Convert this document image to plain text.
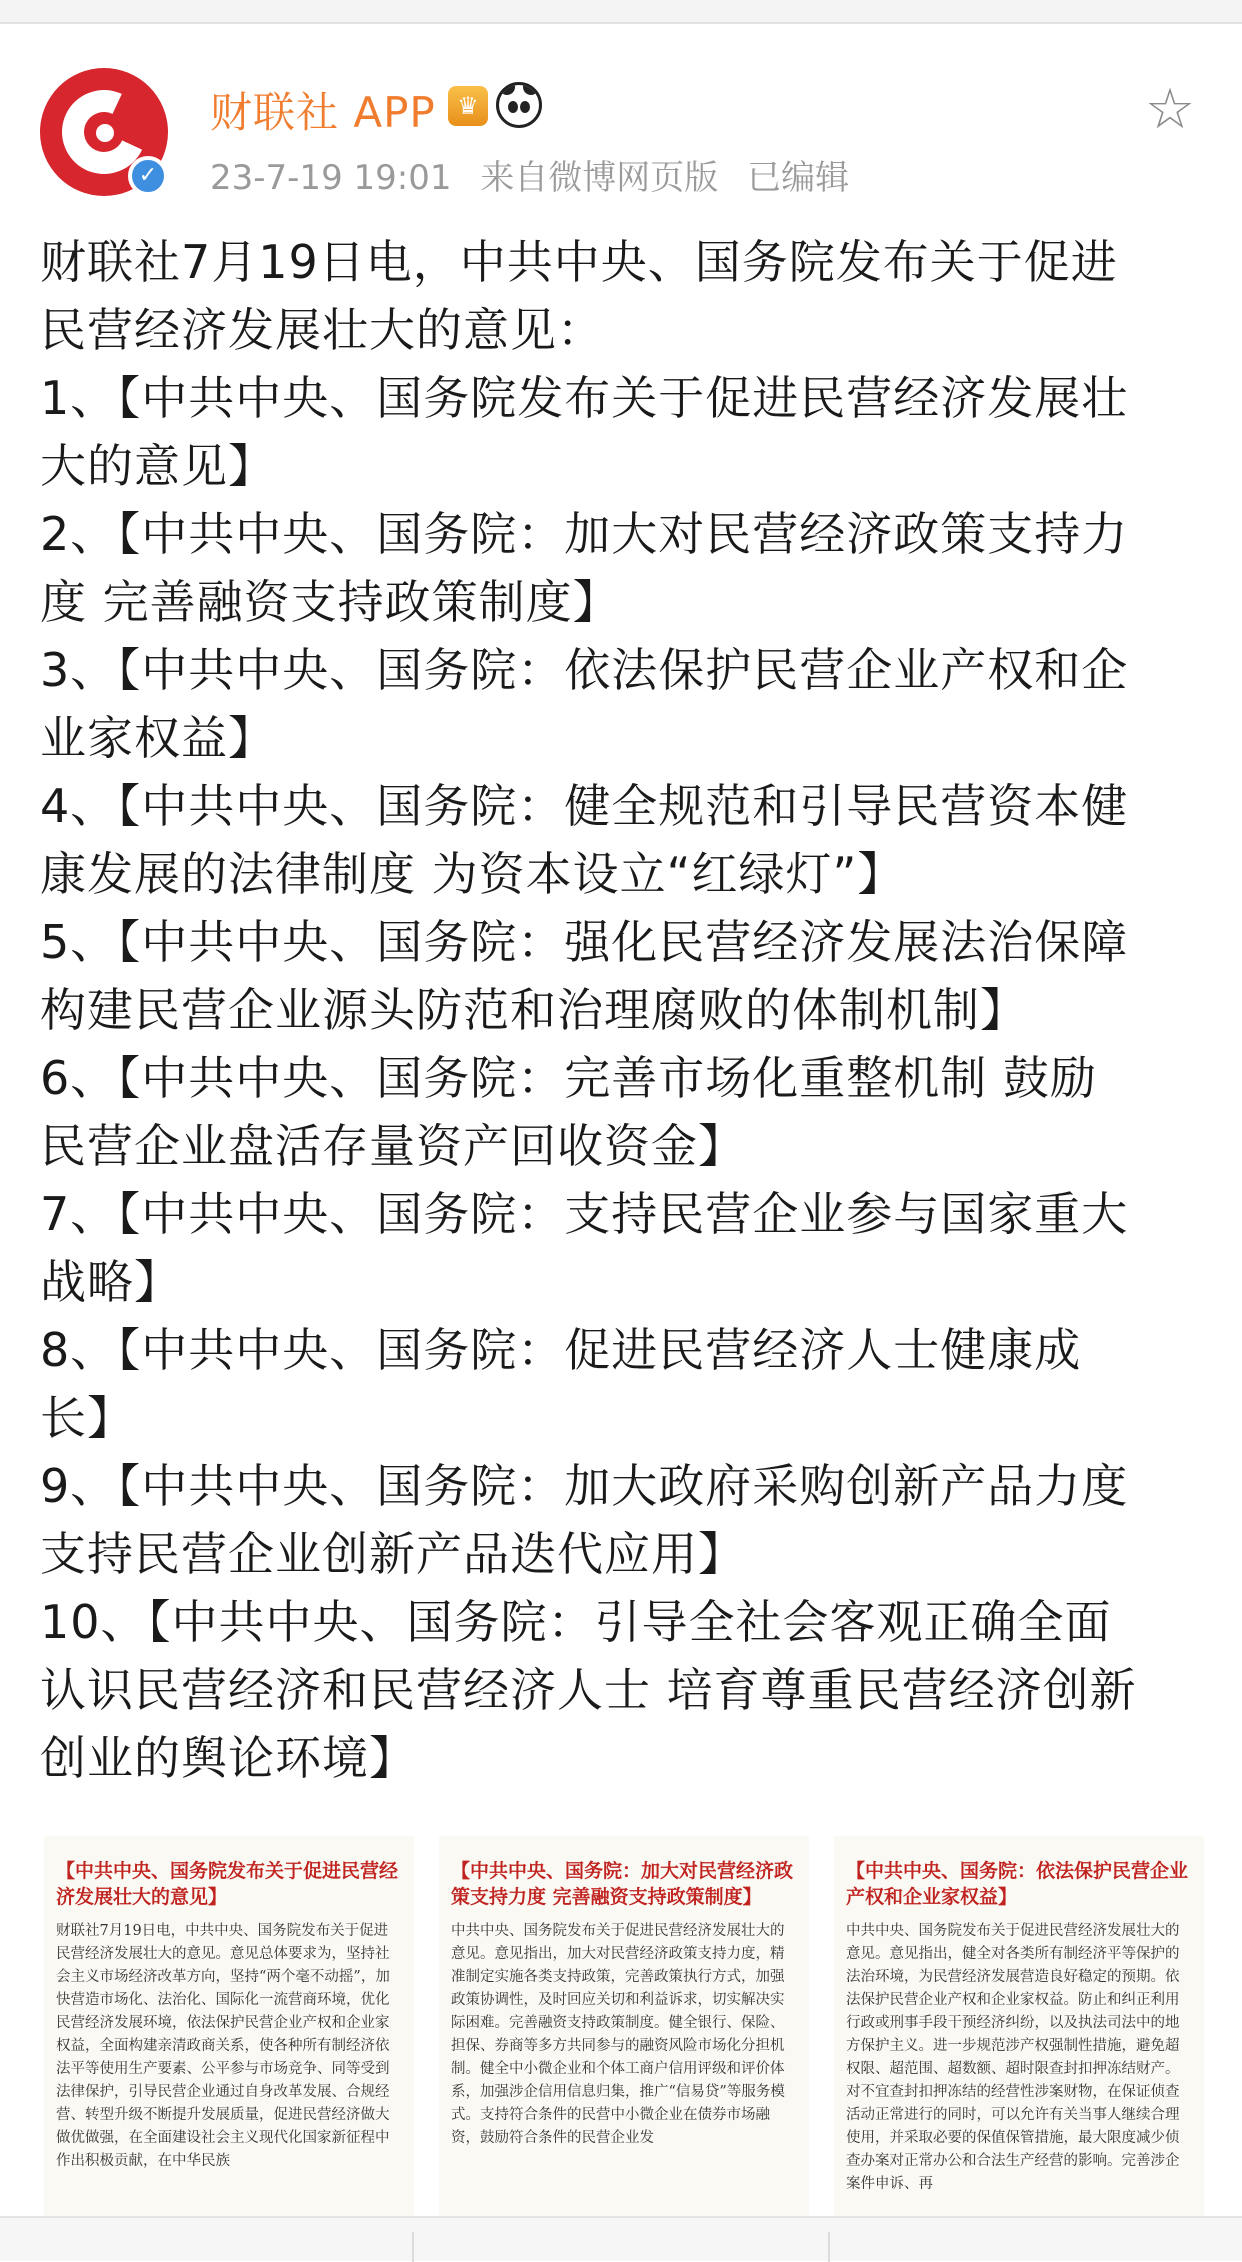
✓
财联社 APP ♛
23-7-19 19:01 来自微博网页版 已编辑
☆

财联社7月19日电，中共中央、国务院发布关于促进

民营经济发展壮大的意见：

1、【中共中央、国务院发布关于促进民营经济发展壮

大的意见】

2、【中共中央、国务院：加大对民营经济政策支持力

度 完善融资支持政策制度】

3、【中共中央、国务院：依法保护民营企业产权和企

业家权益】

4、【中共中央、国务院：健全规范和引导民营资本健

康发展的法律制度 为资本设立“红绿灯”】

5、【中共中央、国务院：强化民营经济发展法治保障

构建民营企业源头防范和治理腐败的体制机制】

6、【中共中央、国务院：完善市场化重整机制 鼓励

民营企业盘活存量资产回收资金】

7、【中共中央、国务院：支持民营企业参与国家重大

战略】

8、【中共中央、国务院：促进民营经济人士健康成

长】

9、【中共中央、国务院：加大政府采购创新产品力度

支持民营企业创新产品迭代应用】

10、【中共中央、国务院：引导全社会客观正确全面

认识民营经济和民营经济人士 培育尊重民营经济创新

创业的舆论环境】

【中共中央、国务院发布关于促进民营经济发展壮大的意见】
财联社7月19日电，中共中央、国务院发布关于促进民营经济发展壮大的意见。意见总体要求为，坚持社会主义市场经济改革方向，坚持“两个毫不动摇”，加快营造市场化、法治化、国际化一流营商环境，优化民营经济发展环境，依法保护民营企业产权和企业家权益，全面构建亲清政商关系，使各种所有制经济依法平等使用生产要素、公平参与市场竞争、同等受到法律保护，引导民营企业通过自身改革发展、合规经营、转型升级不断提升发展质量，促进民营经济做大做优做强，在全面建设社会主义现代化国家新征程中作出积极贡献，在中华民族
【中共中央、国务院：加大对民营经济政策支持力度 完善融资支持政策制度】
中共中央、国务院发布关于促进民营经济发展壮大的意见。意见指出，加大对民营经济政策支持力度，精准制定实施各类支持政策，完善政策执行方式，加强政策协调性，及时回应关切和利益诉求，切实解决实际困难。完善融资支持政策制度。健全银行、保险、担保、券商等多方共同参与的融资风险市场化分担机制。健全中小微企业和个体工商户信用评级和评价体系，加强涉企信用信息归集，推广“信易贷”等服务模式。支持符合条件的民营中小微企业在债券市场融资，鼓励符合条件的民营企业发
【中共中央、国务院：依法保护民营企业产权和企业家权益】
中共中央、国务院发布关于促进民营经济发展壮大的意见。意见指出，健全对各类所有制经济平等保护的法治环境，为民营经济发展营造良好稳定的预期。依法保护民营企业产权和企业家权益。防止和纠正利用行政或刑事手段干预经济纠纷，以及执法司法中的地方保护主义。进一步规范涉产权强制性措施，避免超权限、超范围、超数额、超时限查封扣押冻结财产。对不宜查封扣押冻结的经营性涉案财物，在保证侦查活动正常进行的同时，可以允许有关当事人继续合理使用，并采取必要的保值保管措施，最大限度减少侦查办案对正常办公和合法生产经营的影响。完善涉企案件申诉、再
